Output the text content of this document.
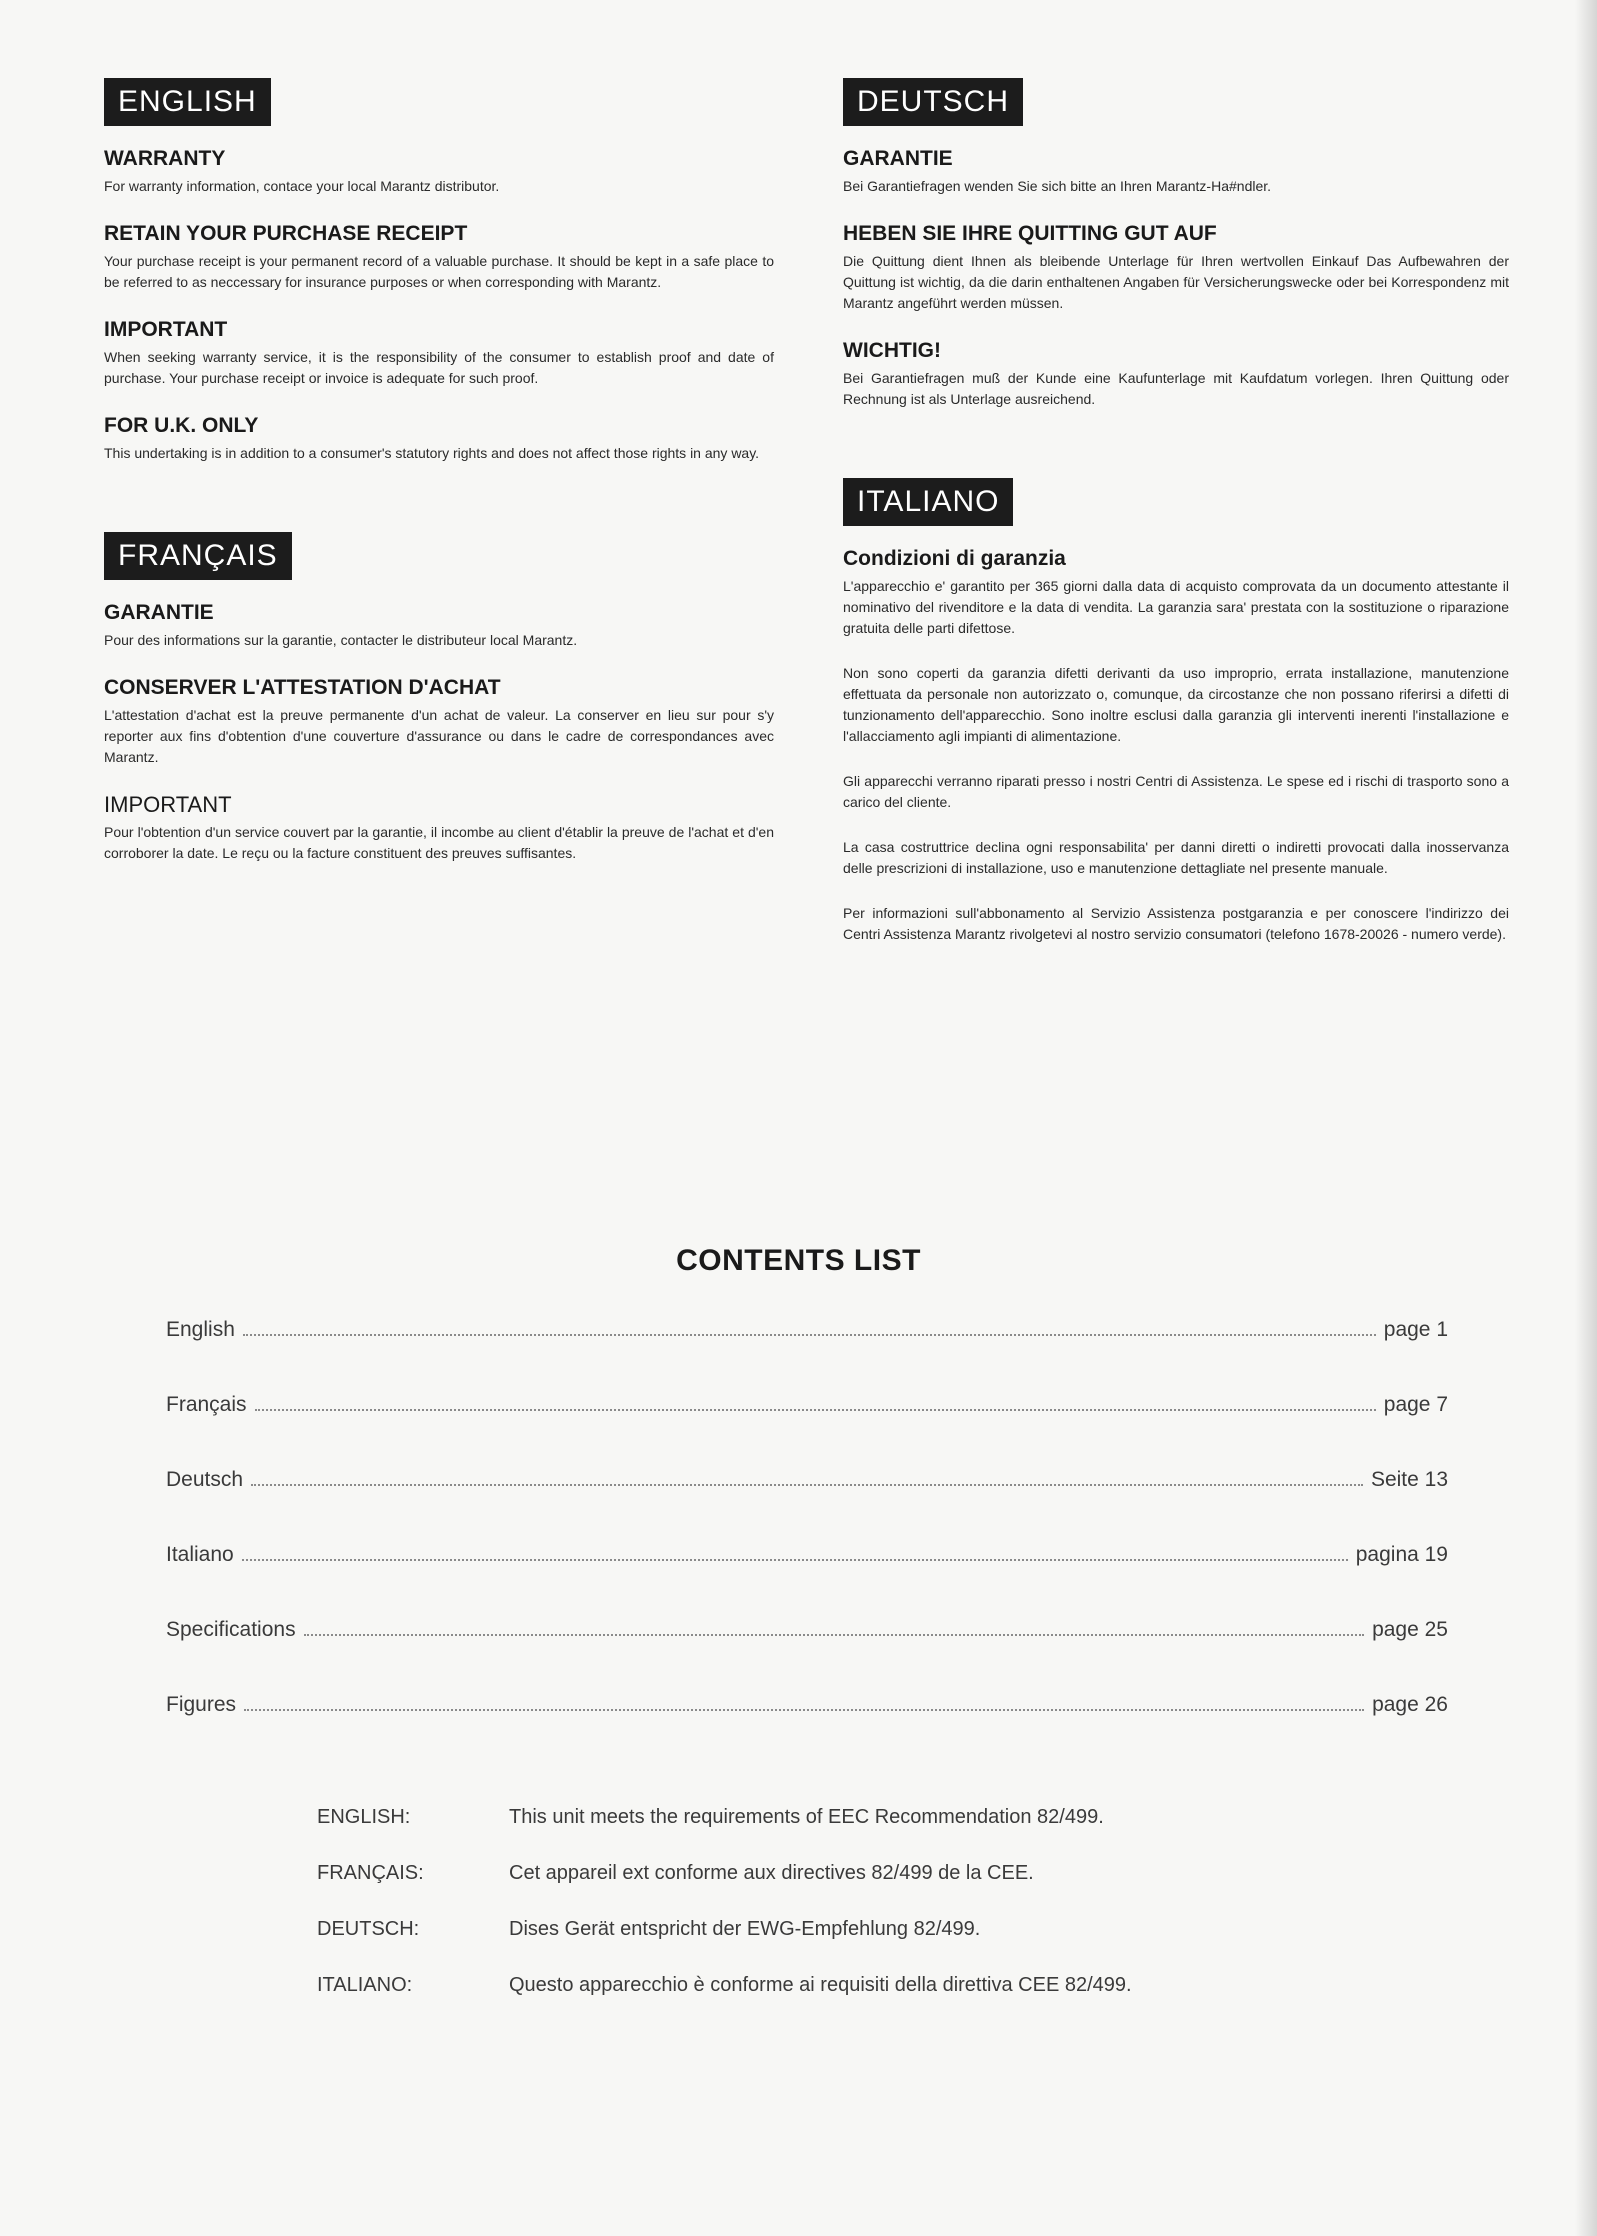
ENGLISH
WARRANTY

For warranty information, contace your local Marantz distributor.

RETAIN YOUR PURCHASE RECEIPT

Your purchase receipt is your permanent record of a valuable purchase. It should be kept in a safe place to be referred to as neccessary for insurance purposes or when corresponding with Marantz.

IMPORTANT

When seeking warranty service, it is the responsibility of the consumer to establish proof and date of purchase. Your purchase receipt or invoice is adequate for such proof.

FOR U.K. ONLY

This undertaking is in addition to a consumer's statutory rights and does not affect those rights in any way.

FRANÇAIS
GARANTIE

Pour des informations sur la garantie, contacter le distributeur local Marantz.

CONSERVER L'ATTESTATION D'ACHAT

L'attestation d'achat est la preuve permanente d'un achat de valeur. La conserver en lieu sur pour s'y reporter aux fins d'obtention d'une couverture d'assurance ou dans le cadre de correspondances avec Marantz.

IMPORTANT

Pour l'obtention d'un service couvert par la garantie, il incombe au client d'établir la preuve de l'achat et d'en corroborer la date. Le reçu ou la facture constituent des preuves suffisantes.

DEUTSCH
GARANTIE

Bei Garantiefragen wenden Sie sich bitte an Ihren Marantz-Ha#ndler.

HEBEN SIE IHRE QUITTING GUT AUF

Die Quittung dient Ihnen als bleibende Unterlage für Ihren wertvollen Einkauf Das Aufbewahren der Quittung ist wichtig, da die darin enthaltenen Angaben für Versicherungswecke oder bei Korrespondenz mit Marantz angeführt werden müssen.

WICHTIG!

Bei Garantiefragen muß der Kunde eine Kaufunterlage mit Kaufdatum vorlegen. Ihren Quittung oder Rechnung ist als Unterlage ausreichend.

ITALIANO
Condizioni di garanzia

L'apparecchio e' garantito per 365 giorni dalla data di acquisto comprovata da un documento attestante il nominativo del rivenditore e la data di vendita. La garanzia sara' prestata con la sostituzione o riparazione gratuita delle parti difettose.

Non sono coperti da garanzia difetti derivanti da uso improprio, errata installazione, manutenzione effettuata da personale non autorizzato o, comunque, da circostanze che non possano riferirsi a difetti di tunzionamento dell'apparecchio. Sono inoltre esclusi dalla garanzia gli interventi inerenti l'installazione e l'allacciamento agli impianti di alimentazione.

Gli apparecchi verranno riparati presso i nostri Centri di Assistenza. Le spese ed i rischi di trasporto sono a carico del cliente.

La casa costruttrice declina ogni responsabilita' per danni diretti o indiretti provocati dalla inosservanza delle prescrizioni di installazione, uso e manutenzione dettagliate nel presente manuale.

Per informazioni sull'abbonamento al Servizio Assistenza postgaranzia e per conoscere l'indirizzo dei Centri Assistenza Marantz rivolgetevi al nostro servizio consumatori (telefono 1678-20026 - numero verde).

CONTENTS LIST
English	page 1
Français	page 7
Deutsch	Seite 13
Italiano	pagina 19
Specifications	page 25
Figures	page 26
ENGLISH:	This unit meets the requirements of EEC Recommendation 82/499.
FRANÇAIS:	Cet appareil ext conforme aux directives 82/499 de la CEE.
DEUTSCH:	Dises Gerät entspricht der EWG-Empfehlung 82/499.
ITALIANO:	Questo apparecchio è conforme ai requisiti della direttiva CEE 82/499.
